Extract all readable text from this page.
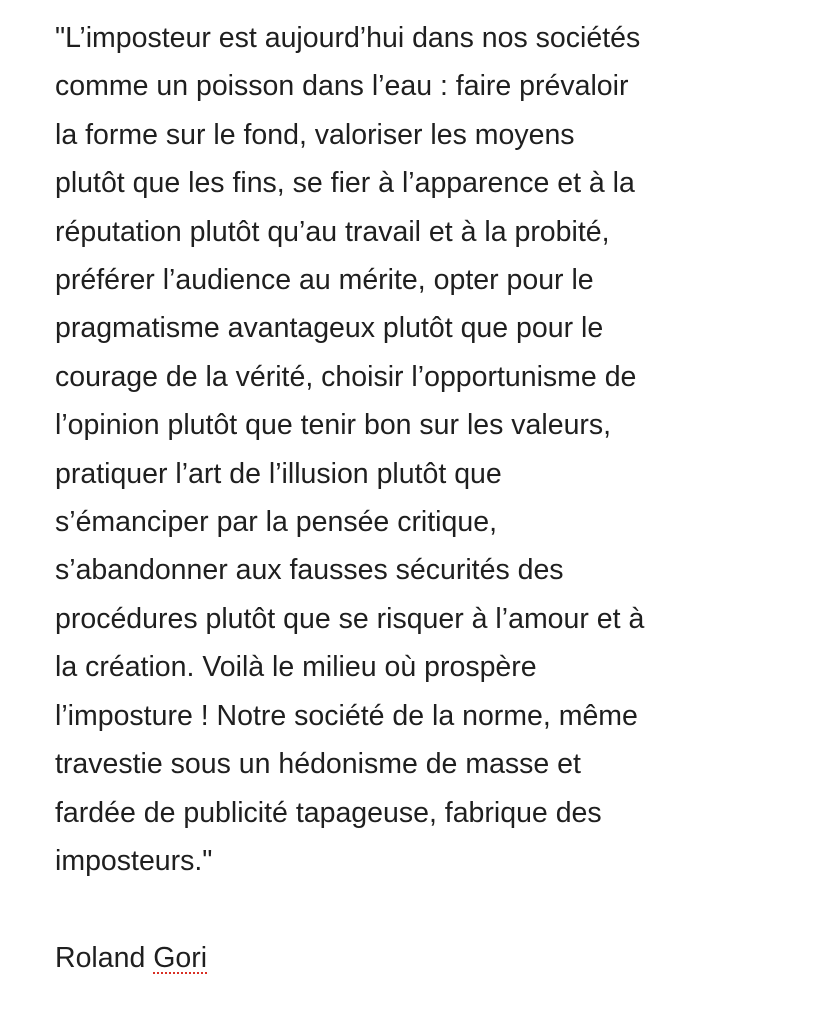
"L’imposteur est aujourd’hui dans nos sociétés
comme un poisson dans l’eau : faire prévaloir
la forme sur le fond, valoriser les moyens
plutôt que les fins, se fier à l’apparence et à la
réputation plutôt qu’au travail et à la probité,
préférer l’audience au mérite, opter pour le
pragmatisme avantageux plutôt que pour le
courage de la vérité, choisir l’opportunisme de
l’opinion plutôt que tenir bon sur les valeurs,
pratiquer l’art de l’illusion plutôt que
s’émanciper par la pensée critique,
s’abandonner aux fausses sécurités des
procédures plutôt que se risquer à l’amour et à
la création. Voilà le milieu où prospère
l’imposture ! Notre société de la norme, même
travestie sous un hédonisme de masse et
fardée de publicité tapageuse, fabrique des
imposteurs."
Roland Gori
